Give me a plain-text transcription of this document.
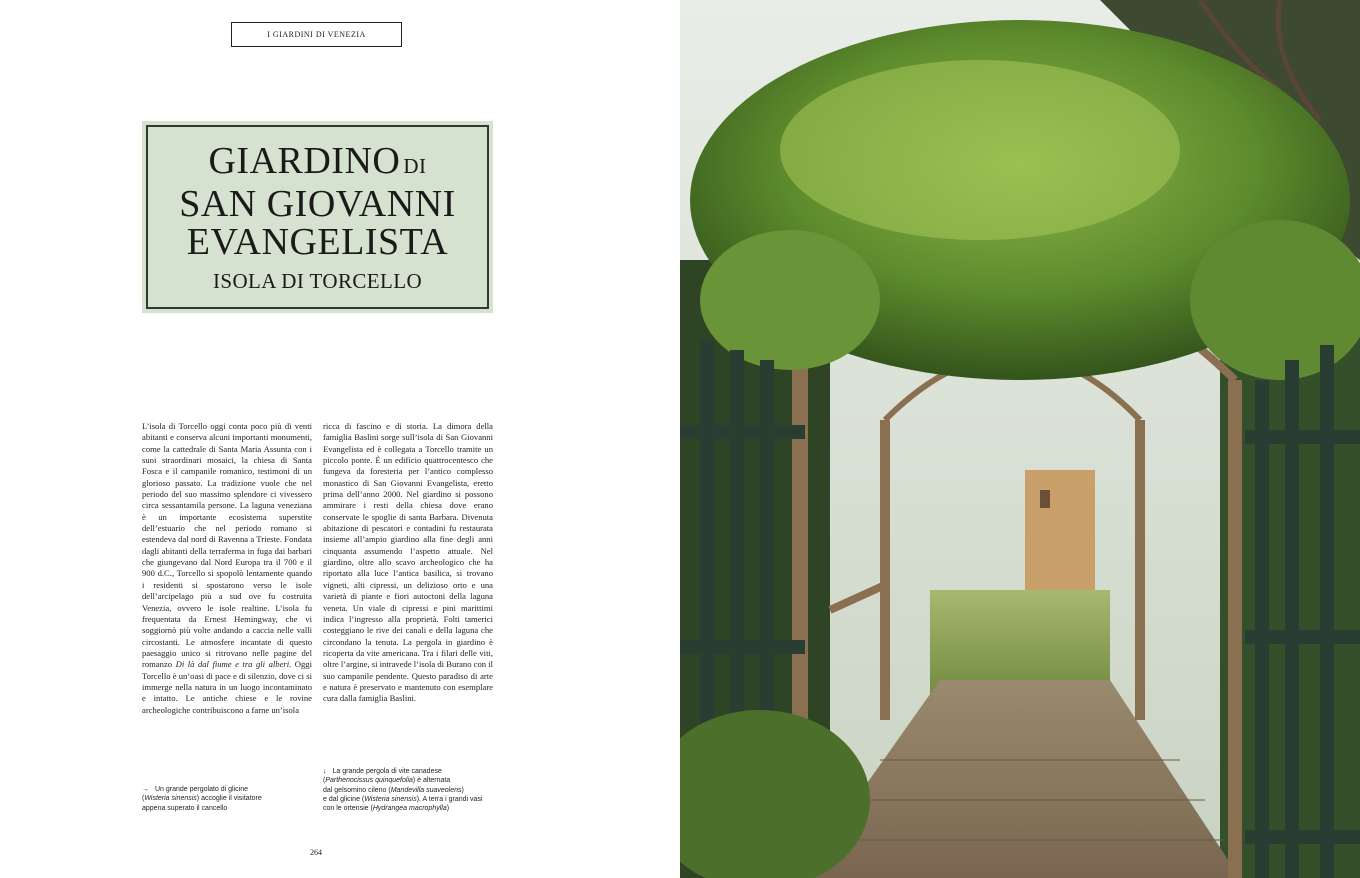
I GIARDINI DI VENEZIA
GIARDINO DI
SAN GIOVANNI
EVANGELISTA
ISOLA DI TORCELLO
L’isola di Torcello oggi conta poco più di venti abitanti e conserva alcuni importanti monumenti, come la cattedrale di Santa Maria Assunta con i suoi straordinari mosaici, la chiesa di Santa Fosca e il campanile romanico, testimoni di un glorioso passato. La tradizione vuole che nel periodo del suo massimo splendore ci vivessero circa sessantamila persone. La laguna veneziana è un importante ecosistema superstite dell’estuario che nel periodo romano si estendeva dal nord di Ravenna a Trieste. Fondata dagli abitanti della terraferma in fuga dai barbari che giungevano dal Nord Europa tra il 700 e il 900 d.C., Torcello si spopolò lentamente quando i residenti si spostarono verso le isole dell’arcipelago più a sud ove fu costruita Venezia, ovvero le isole realtine. L’isola fu frequentata da Ernest Hemingway, che vi soggiornò più volte andando a caccia nelle valli circostanti. Le atmosfere incantate di questo paesaggio unico si ritrovano nelle pagine del romanzo Di là dal fiume e tra gli alberi. Oggi Torcello è un’oasi di pace e di silenzio, dove ci si immerge nella natura in un luogo incontaminato e intatto. Le antiche chiese e le rovine archeologiche contribuiscono a farne un’isola
ricca di fascino e di storia. La dimora della famiglia Baslini sorge sull’isola di San Giovanni Evangelista ed è collegata a Torcello tramite un piccolo ponte. È un edificio quattrocentesco che fungeva da foresteria per l’antico complesso monastico di San Giovanni Evangelista, eretto prima dell’anno 2000. Nel giardino si possono ammirare i resti della chiesa dove erano conservate le spoglie di santa Barbara. Divenuta abitazione di pescatori e contadini fu restaurata insieme all’ampio giardino alla fine degli anni cinquanta assumendo l’aspetto attuale. Nel giardino, oltre allo scavo archeologico che ha riportato alla luce l’antica basilica, si trovano vigneti, alti cipressi, un delizioso orto e una varietà di piante e fiori autoctoni della laguna veneta. Un viale di cipressi e pini marittimi indica l’ingresso alla proprietà. Folti tamerici costeggiano le rive dei canali e della laguna che circondano la tenuta. La pergola in giardino è ricoperta da vite americana. Tra i filari delle viti, oltre l’argine, si intravede l’isola di Burano con il suo campanile pendente. Questo paradiso di arte e natura è preservato e mantenuto con esemplare cura dalla famiglia Baslini.
→ Un grande pergolato di glicine
(Wisteria sinensis) accoglie il visitatore
appena superato il cancello
↓ La grande pergola di vite canadese
(Parthenocissus quinquefolia) è alternata
dal gelsomino cileno (Mandevilla suaveolens)
e dal glicine (Wisteria sinensis). A terra i grandi vasi
con le ortensie (Hydrangea macrophylla)
264
